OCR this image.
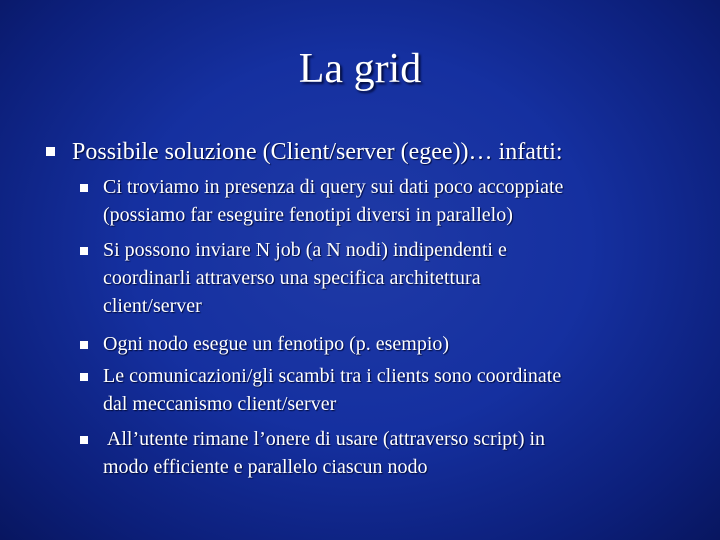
La grid
Possibile soluzione (Client/server (egee))… infatti:
Ci troviamo in presenza di query sui dati poco accoppiate
(possiamo far eseguire fenotipi diversi in parallelo)
Si possono inviare N job (a N nodi) indipendenti e
coordinarli attraverso una specifica architettura
client/server
Ogni nodo esegue un fenotipo (p. esempio)
Le comunicazioni/gli scambi tra i clients sono coordinate
dal meccanismo client/server
All’utente rimane l’onere di usare (attraverso script) in
modo efficiente e parallelo ciascun nodo
